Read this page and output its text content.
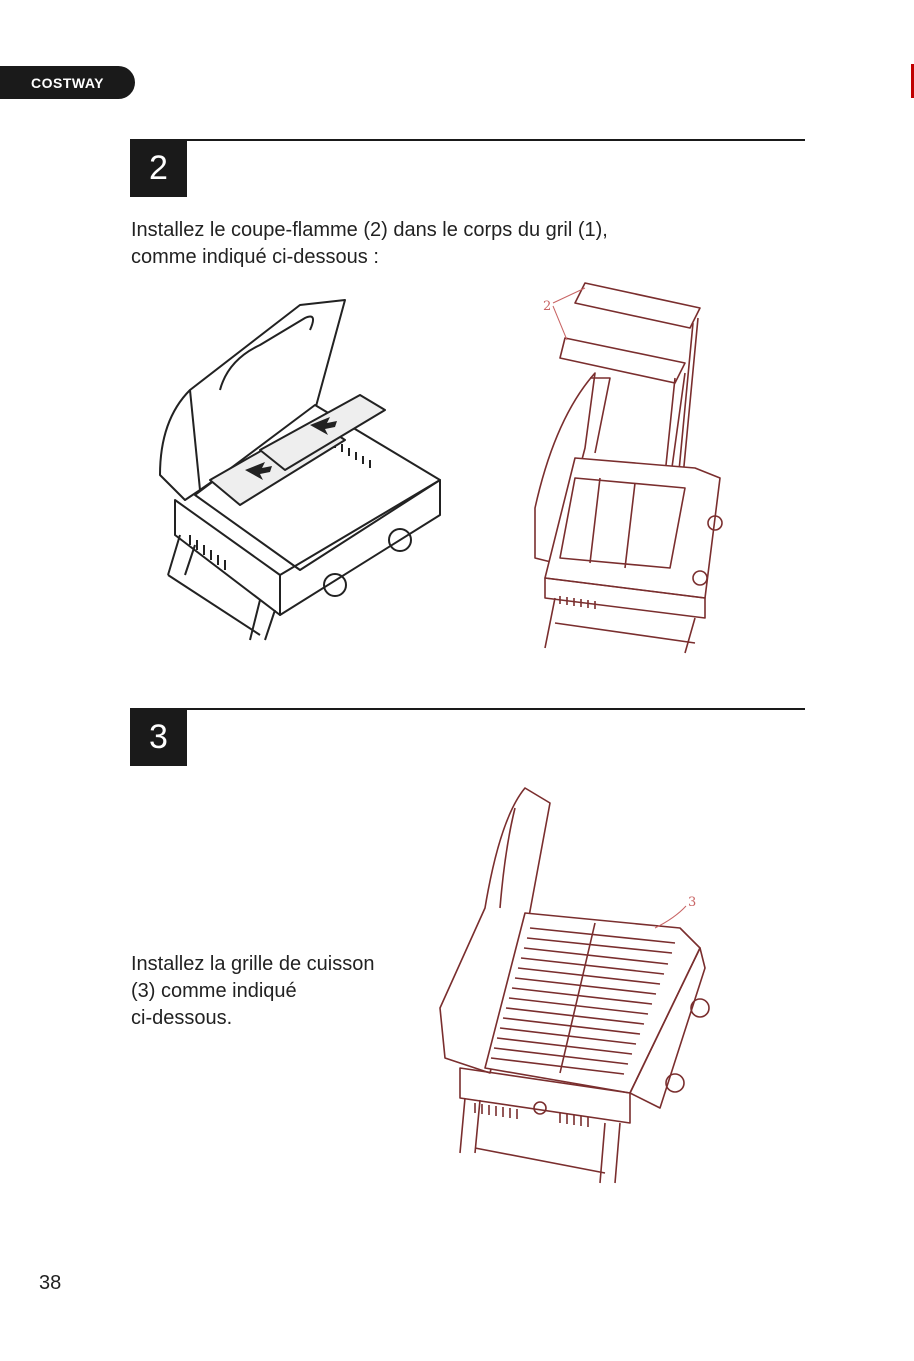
COSTWAY
2
Installez le coupe-flamme (2) dans le corps du gril (1),
comme indiqué ci-dessous :
2
3
Installez la grille de cuisson
(3) comme indiqué
ci-dessous.
3
38
